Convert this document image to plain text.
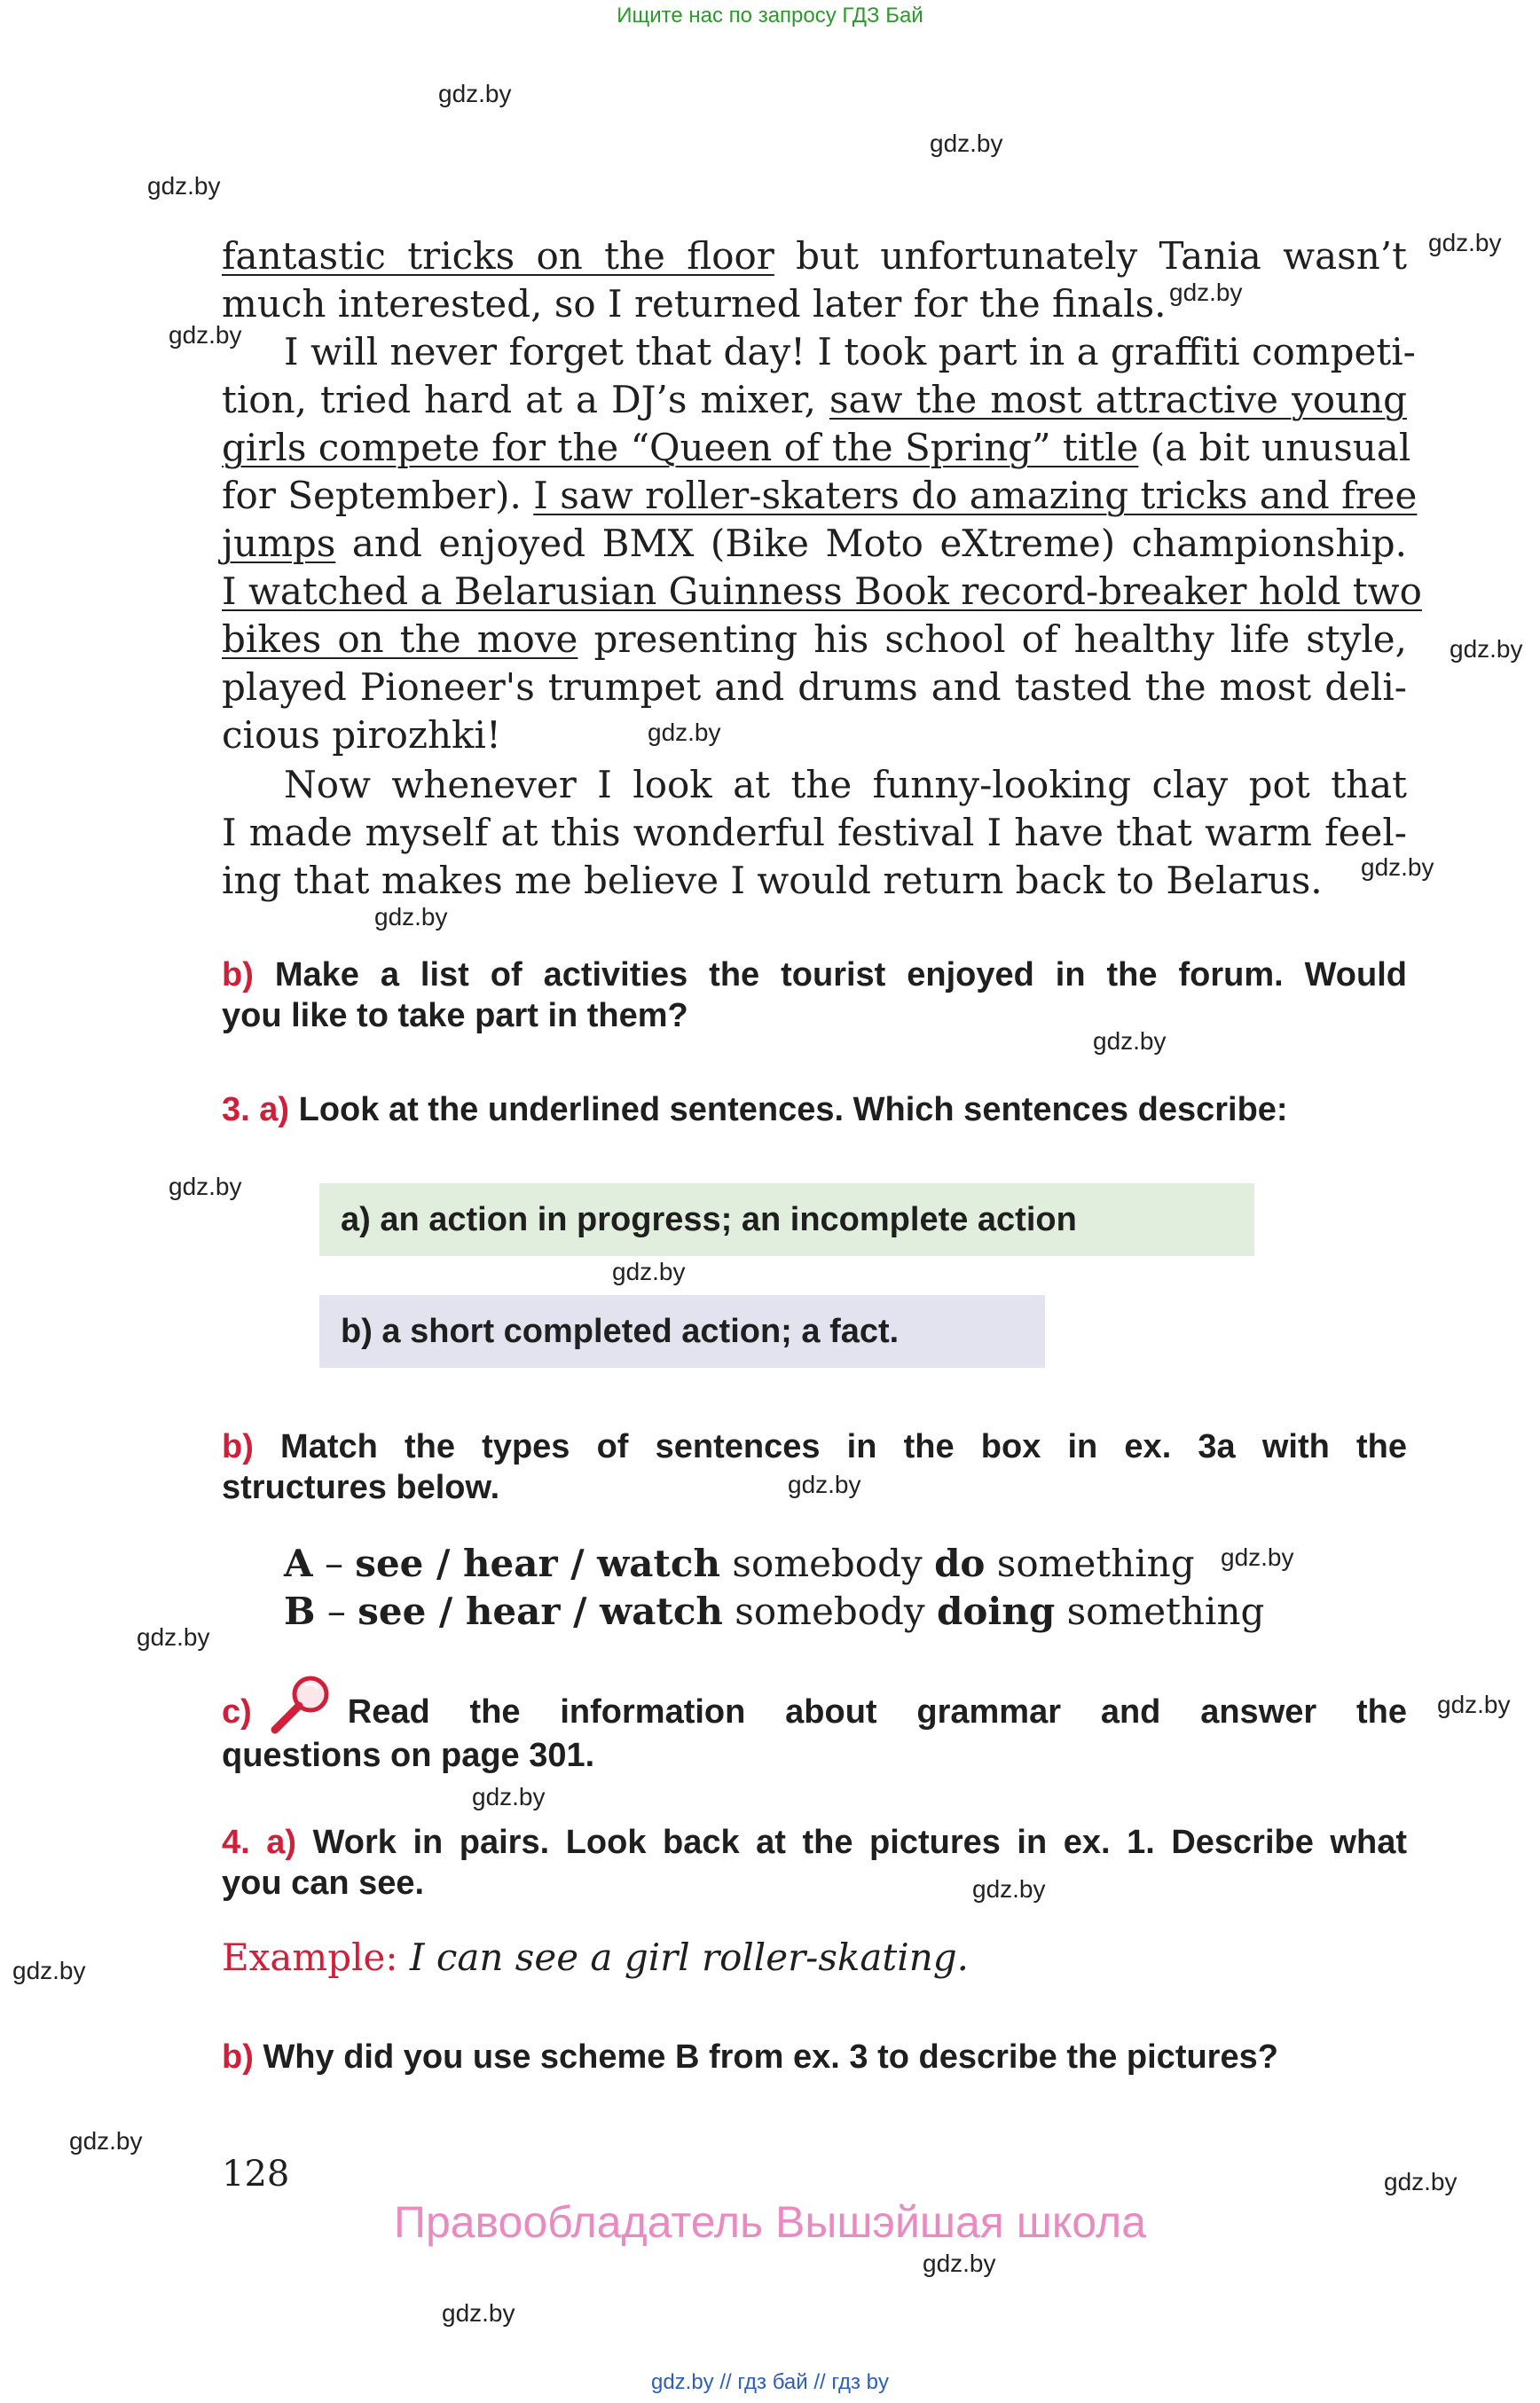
Ищите нас по запросу ГДЗ Бай
gdz.by
gdz.by
gdz.by
gdz.by
gdz.by
gdz.by
gdz.by
gdz.by
gdz.by
gdz.by
gdz.by
gdz.by
gdz.by
gdz.by
gdz.by
gdz.by
gdz.by
gdz.by
gdz.by
gdz.by
gdz.by
gdz.by
gdz.by
gdz.by
fantastic tricks on the floor but unfortunately Tania wasn’t
much interested, so I returned later for the finals.
I will never forget that day! I took part in a graffiti competi-
tion, tried hard at a DJ’s mixer, saw the most attractive young
girls compete for the “Queen of the Spring” title (a bit unusual
for September). I saw roller-skaters do amazing tricks and free
jumps and enjoyed BMX (Bike Moto eXtreme) championship.
I watched a Belarusian Guinness Book record-breaker hold two
bikes on the move presenting his school of healthy life style,
played Pioneer's trumpet and drums and tasted the most deli-
cious pirozhki!
Now whenever I look at the funny-looking clay pot that
I made myself at this wonderful festival I have that warm feel-
ing that makes me believe I would return back to Belarus.
b) Make a list of activities the tourist enjoyed in the forum. Would
you like to take part in them?
3. a) Look at the underlined sentences. Which sentences describe:
a) an action in progress; an incomplete action
b) a short completed action; a fact.
b) Match the types of sentences in the box in ex. 3a with the
structures below.
A – see / hear / watch somebody do something
B – see / hear / watch somebody doing something
c)	Read the information about grammar and answer the
questions on page 301.
4. a) Work in pairs. Look back at the pictures in ex. 1. Describe what
you can see.
Example: I can see a girl roller-skating.
b) Why did you use scheme B from ex. 3 to describe the pictures?
128
Правообладатель Вышэйшая школа
gdz.by // гдз бай // гдз by
